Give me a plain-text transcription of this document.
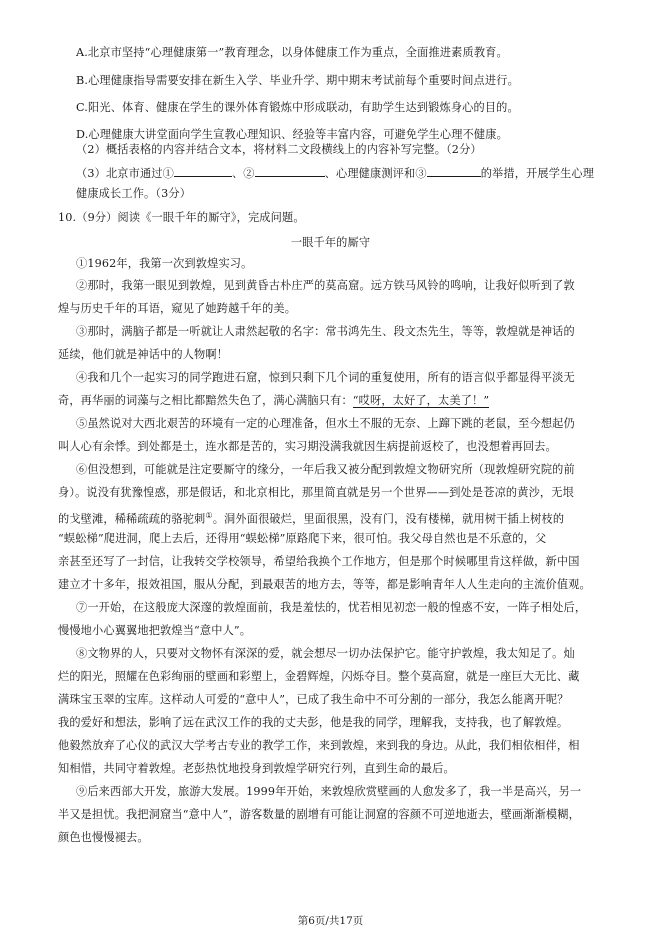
A.北京市坚持“心理健康第一”教育理念，以身体健康工作为重点，全面推进素质教育。
B.心理健康指导需要安排在新生入学、毕业升学、期中期末考试前每个重要时间点进行。
C.阳光、体育、健康在学生的课外体育锻炼中形成联动，有助学生达到锻炼身心的目的。
D.心理健康大讲堂面向学生宣教心理知识、经验等丰富内容，可避免学生心理不健康。
（2）概括表格的内容并结合文本，将材料二文段横线上的内容补写完整。（2分）
（3）北京市通过①	、②	、心理健康测评和③	的举措，开展学生心理
健康成长工作。（3分）
10.（9分）阅读《一眼千年的厮守》，完成问题。
一眼千年的厮守
①1962年，我第一次到敦煌实习。
②那时，我第一眼见到敦煌，见到黄昏古朴庄严的莫高窟。远方铁马风铃的鸣响，让我好似听到了敦
煌与历史千年的耳语，窥见了她跨越千年的美。
③那时，满脑子都是一听就让人肃然起敬的名字：常书鸿先生、段文杰先生，等等，敦煌就是神话的
延续，他们就是神话中的人物啊！
④我和几个一起实习的同学跑进石窟，惊到只剩下几个词的重复使用，所有的语言似乎都显得平淡无
奇，再华丽的词藻与之相比都黯然失色了，满心满脑只有：“哎呀，太好了，太美了！”
⑤虽然说对大西北艰苦的环境有一定的心理准备，但水土不服的无奈、上蹿下跳的老鼠，至今想起仍
叫人心有余悸。到处都是土，连水都是苦的，实习期没满我就因生病提前返校了，也没想着再回去。
⑥但没想到，可能就是注定要厮守的缘分，一年后我又被分配到敦煌文物研究所（现敦煌研究院的前
身）。说没有犹豫惶惑，那是假话，和北京相比，那里简直就是另一个世界——到处是苍凉的黄沙，无垠
的戈壁滩，稀稀疏疏的骆驼刺①。洞外面很破烂，里面很黑，没有门，没有楼梯，就用树干插上树枝的
“蜈蚣梯”爬进洞，爬上去后，还得用“蜈蚣梯”原路爬下来，很可怕。我父母自然也是不乐意的，父
亲甚至还写了一封信，让我转交学校领导，希望给我换个工作地方，但是那个时候哪里肯这样做，新中国
建立才十多年，报效祖国，服从分配，到最艰苦的地方去，等等，都是影响青年人人生走向的主流价值观。
⑦一开始，在这般庞大深邃的敦煌面前，我是羞怯的，忧若相见初恋一般的惶惑不安，一阵子相处后，
慢慢地小心翼翼地把敦煌当“意中人”。
⑧文物界的人，只要对文物怀有深深的爱，就会想尽一切办法保护它。能守护敦煌，我太知足了。灿
烂的阳光，照耀在色彩绚丽的壁画和彩塑上，金碧辉煌，闪烁夺目。整个莫高窟，就是一座巨大无比、藏
满珠宝玉翠的宝库。这样动人可爱的“意中人”，已成了我生命中不可分割的一部分，我怎么能离开呢？
我的爱好和想法，影响了远在武汉工作的我的丈夫彭，他是我的同学，理解我，支持我，也了解敦煌。
他毅然放弃了心仪的武汉大学考古专业的教学工作，来到敦煌，来到我的身边。从此，我们相依相伴，相
知相惜，共同守着敦煌。老彭热忱地投身到敦煌学研究行列，直到生命的最后。
⑨后来西部大开发，旅游大发展。1999年开始，来敦煌欣赏壁画的人愈发多了，我一半是高兴，另一
半又是担忧。我把洞窟当“意中人”，游客数量的剧增有可能让洞窟的容颜不可逆地逝去，壁画渐渐模糊，
颜色也慢慢褪去。
第6页/共17页
